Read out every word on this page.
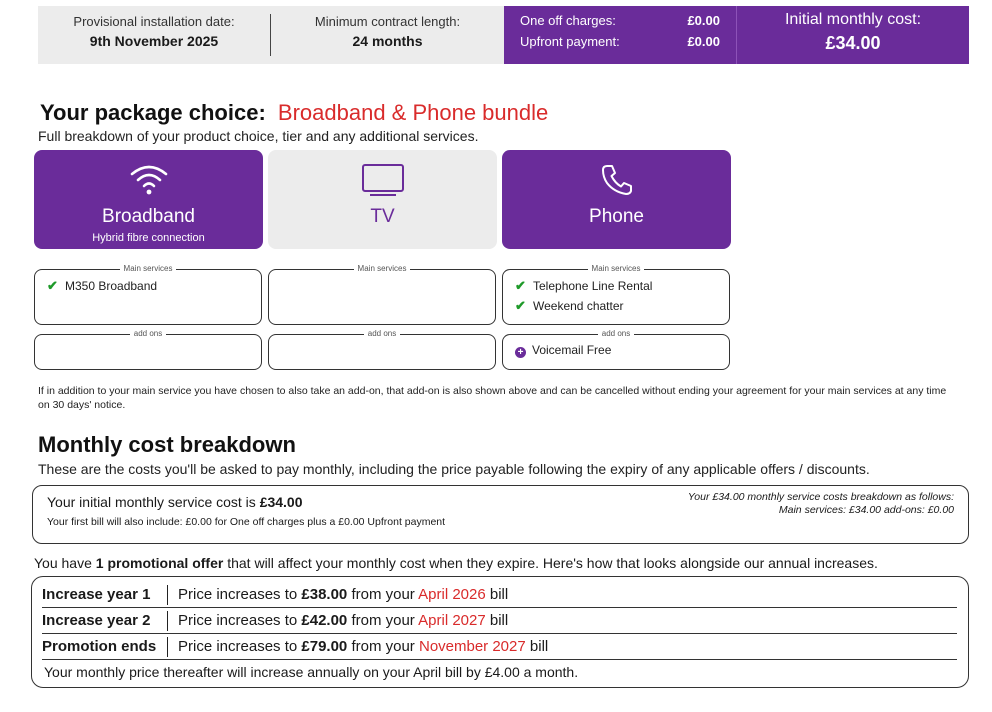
Provisional installation date:
9th November 2025
Minimum contract length:
24 months
One off charges:	£0.00
Upfront payment:	£0.00
Initial monthly cost:
£34.00
Your package choice: Broadband & Phone bundle
Full breakdown of your product choice, tier and any additional services.
Broadband
Hybrid fibre connection
TV	Phone
Main services
✔ M350 Broadband
Main services	Main services
✔ Telephone Line Rental
✔ Weekend chatter
add ons	add ons	add ons
+ Voicemail Free
If in addition to your main service you have chosen to also take an add-on, that add-on is also shown above and can be cancelled without ending your agreement for your main services at any time on 30 days' notice.
Monthly cost breakdown
These are the costs you'll be asked to pay monthly, including the price payable following the expiry of any applicable offers / discounts.
Your initial monthly service cost is £34.00
Your first bill will also include: £0.00 for One off charges plus a £0.00 Upfront payment
Your £34.00 monthly service costs breakdown as follows:
Main services: £34.00 add-ons: £0.00
You have 1 promotional offer that will affect your monthly cost when they expire. Here's how that looks alongside our annual increases.
Increase year 1 Price increases to £38.00 from your April 2026 bill
Increase year 2 Price increases to £42.00 from your April 2027 bill
Promotion ends Price increases to £79.00 from your November 2027 bill
Your monthly price thereafter will increase annually on your April bill by £4.00 a month.
